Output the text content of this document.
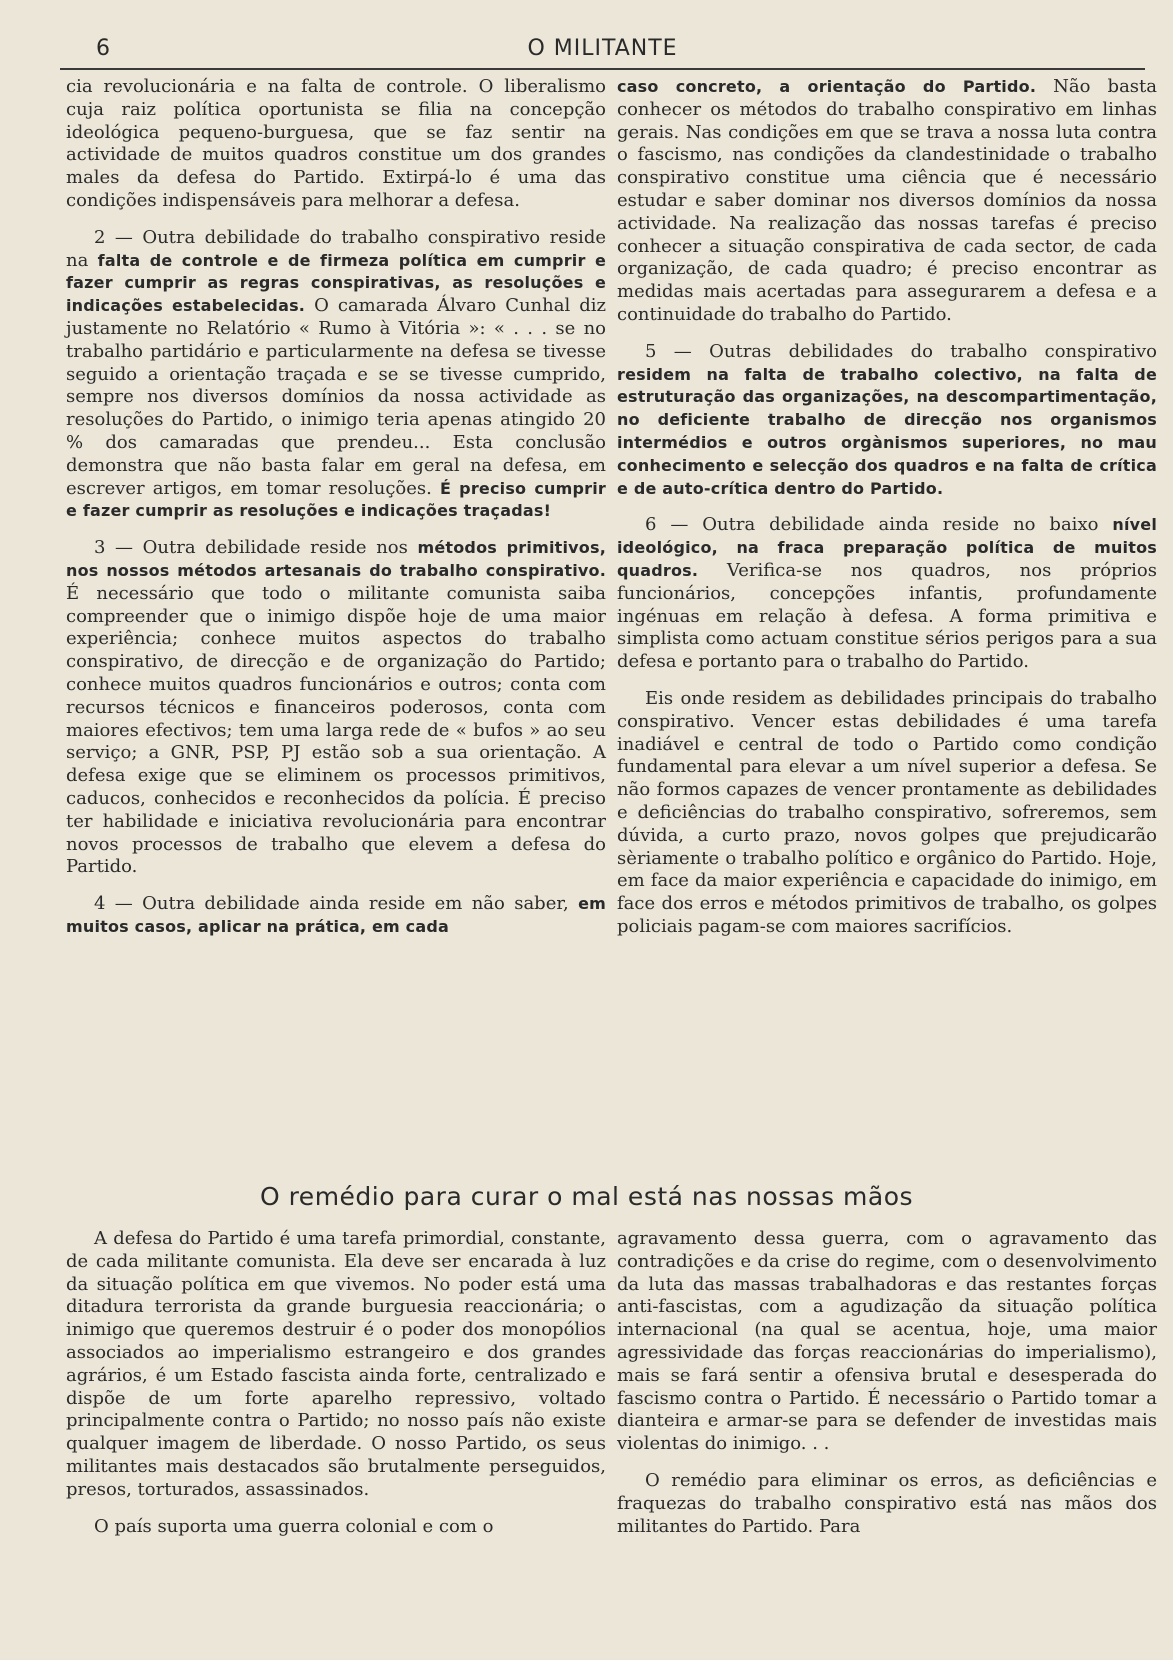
6	O MILITANTE

cia revolucionária e na falta de controle. O liberalismo cuja raiz política oportunista se filia na concepção ideológica pequeno-burguesa, que se faz sentir na actividade de muitos quadros constitue um dos grandes males da defesa do Partido. Extirpá-lo é uma das condições indispensáveis para melhorar a defesa.

2 — Outra debilidade do trabalho conspirativo reside na falta de controle e de firmeza política em cumprir e fazer cumprir as regras conspirativas, as resoluções e indicações estabelecidas. O camarada Álvaro Cunhal diz justamente no Relatório « Rumo à Vitória »: « . . . se no trabalho partidário e particularmente na defesa se tivesse seguido a orientação traçada e se se tivesse cumprido, sempre nos diversos domínios da nossa actividade as resoluções do Partido, o inimigo teria apenas atingido 20 % dos camaradas que prendeu... Esta conclusão demonstra que não basta falar em geral na defesa, em escrever artigos, em tomar resoluções. É preciso cumprir e fazer cumprir as resoluções e indicações traçadas!

3 — Outra debilidade reside nos métodos primitivos, nos nossos métodos artesanais do trabalho conspirativo. É necessário que todo o militante comunista saiba compreender que o inimigo dispõe hoje de uma maior experiência; conhece muitos aspectos do trabalho conspirativo, de direcção e de organização do Partido; conhece muitos quadros funcionários e outros; conta com recursos técnicos e financeiros poderosos, conta com maiores efectivos; tem uma larga rede de « bufos » ao seu serviço; a GNR, PSP, PJ estão sob a sua orientação. A defesa exige que se eliminem os processos primitivos, caducos, conhecidos e reconhecidos da polícia. É preciso ter habilidade e iniciativa revolucionária para encontrar novos processos de trabalho que elevem a defesa do Partido.

4 — Outra debilidade ainda reside em não saber, em muitos casos, aplicar na prática, em cada

caso concreto, a orientação do Partido. Não basta conhecer os métodos do trabalho conspirativo em linhas gerais. Nas condições em que se trava a nossa luta contra o fascismo, nas condições da clandestinidade o trabalho conspirativo constitue uma ciência que é necessário estudar e saber dominar nos diversos domínios da nossa actividade. Na realização das nossas tarefas é preciso conhecer a situação conspirativa de cada sector, de cada organização, de cada quadro; é preciso encontrar as medidas mais acertadas para assegurarem a defesa e a continuidade do trabalho do Partido.

5 — Outras debilidades do trabalho conspirativo residem na falta de trabalho colectivo, na falta de estruturação das organizações, na descompartimentação, no deficiente trabalho de direcção nos organismos intermédios e outros orgànismos superiores, no mau conhecimento e selecção dos quadros e na falta de crítica e de auto-crítica dentro do Partido.

6 — Outra debilidade ainda reside no baixo nível ideológico, na fraca preparação política de muitos quadros. Verifica-se nos quadros, nos próprios funcionários, concepções infantis, profundamente ingénuas em relação à defesa. A forma primitiva e simplista como actuam constitue sérios perigos para a sua defesa e portanto para o trabalho do Partido.

Eis onde residem as debilidades principais do trabalho conspirativo. Vencer estas debilidades é uma tarefa inadiável e central de todo o Partido como condição fundamental para elevar a um nível superior a defesa. Se não formos capazes de vencer prontamente as debilidades e deficiências do trabalho conspirativo, sofreremos, sem dúvida, a curto prazo, novos golpes que prejudicarão sèriamente o trabalho político e orgânico do Partido. Hoje, em face da maior experiência e capacidade do inimigo, em face dos erros e métodos primitivos de trabalho, os golpes policiais pagam-se com maiores sacrifícios.

O remédio para curar o mal está nas nossas mãos

A defesa do Partido é uma tarefa primordial, constante, de cada militante comunista. Ela deve ser encarada à luz da situação política em que vivemos. No poder está uma ditadura terrorista da grande burguesia reaccionária; o inimigo que queremos destruir é o poder dos monopólios associados ao imperialismo estrangeiro e dos grandes agrários, é um Estado fascista ainda forte, centralizado e dispõe de um forte aparelho repressivo, voltado principalmente contra o Partido; no nosso país não existe qualquer imagem de liberdade. O nosso Partido, os seus militantes mais destacados são brutalmente perseguidos, presos, torturados, assassinados.

O país suporta uma guerra colonial e com o

agravamento dessa guerra, com o agravamento das contradições e da crise do regime, com o desenvolvimento da luta das massas trabalhadoras e das restantes forças anti-fascistas, com a agudização da situação política internacional (na qual se acentua, hoje, uma maior agressividade das forças reaccionárias do imperialismo), mais se fará sentir a ofensiva brutal e desesperada do fascismo contra o Partido. É necessário o Partido tomar a dianteira e armar-se para se defender de investidas mais violentas do inimigo. . .

O remédio para eliminar os erros, as deficiências e fraquezas do trabalho conspirativo está nas mãos dos militantes do Partido. Para
